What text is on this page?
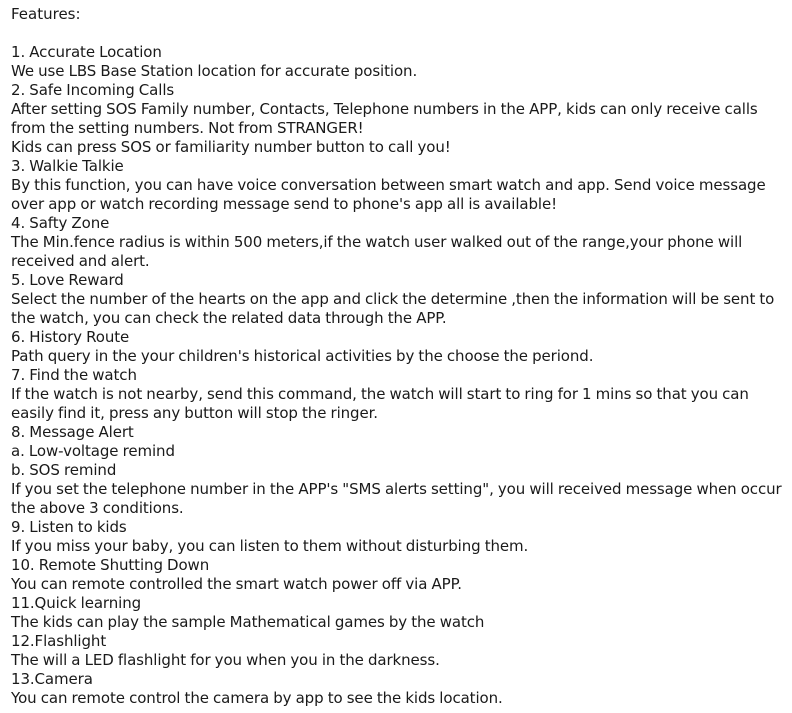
Features:

1. Accurate Location

We use LBS Base Station location for accurate position.

2. Safe Incoming Calls

After setting SOS Family number, Contacts, Telephone numbers in the APP, kids can only receive calls from the setting numbers. Not from STRANGER!

Kids can press SOS or familiarity number button to call you!

3. Walkie Talkie

By this function, you can have voice conversation between smart watch and app. Send voice message over app or watch recording message send to phone's app all is available!

4. Safty Zone

The Min.fence radius is within 500 meters,if the watch user walked out of the range,your phone will received and alert.

5. Love Reward

Select the number of the hearts on the app and click the determine ,then the information will be sent to the watch, you can check the related data through the APP.

6. History Route

Path query in the your children's historical activities by the choose the periond.

7. Find the watch

If the watch is not nearby, send this command, the watch will start to ring for 1 mins so that you can easily find it, press any button will stop the ringer.

8. Message Alert

a. Low-voltage remind

b. SOS remind

If you set the telephone number in the APP's "SMS alerts setting", you will received message when occur the above 3 conditions.

9. Listen to kids

If you miss your baby, you can listen to them without disturbing them.

10. Remote Shutting Down

You can remote controlled the smart watch power off via APP.

11.Quick learning

The kids can play the sample Mathematical games by the watch

12.Flashlight

The will a LED flashlight for you when you in the darkness.

13.Camera

You can remote control the camera by app to see the kids location.
